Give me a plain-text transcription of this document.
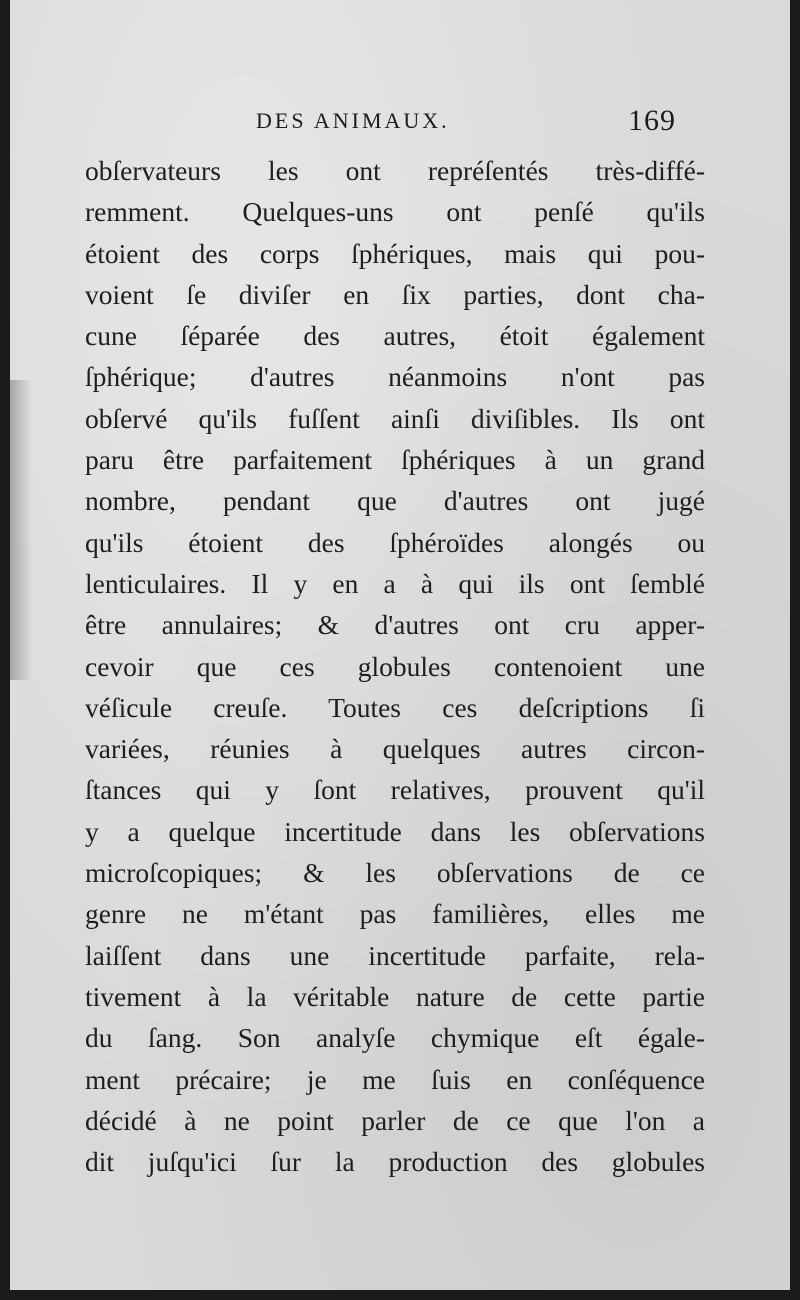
DES ANIMAUX.	169
obſervateurs les ont repréſentés très-diffé-
remment. Quelques-uns ont penſé qu'ils
étoient des corps ſphériques, mais qui pou-
voient ſe diviſer en ſix parties, dont cha-
cune ſéparée des autres, étoit également
ſphérique; d'autres néanmoins n'ont pas
obſervé qu'ils fuſſent ainſi diviſibles. Ils ont
paru être parfaitement ſphériques à un grand
nombre, pendant que d'autres ont jugé
qu'ils étoient des ſphéroïdes alongés ou
lenticulaires. Il y en a à qui ils ont ſemblé
être annulaires; & d'autres ont cru apper-
cevoir que ces globules contenoient une
véſicule creuſe. Toutes ces deſcriptions ſi
variées, réunies à quelques autres circon-
ſtances qui y ſont relatives, prouvent qu'il
y a quelque incertitude dans les obſervations
microſcopiques; & les obſervations de ce
genre ne m'étant pas familières, elles me
laiſſent dans une incertitude parfaite, rela-
tivement à la véritable nature de cette partie
du ſang. Son analyſe chymique eſt égale-
ment précaire; je me ſuis en conſéquence
décidé à ne point parler de ce que l'on a
dit juſqu'ici ſur la production des globules
